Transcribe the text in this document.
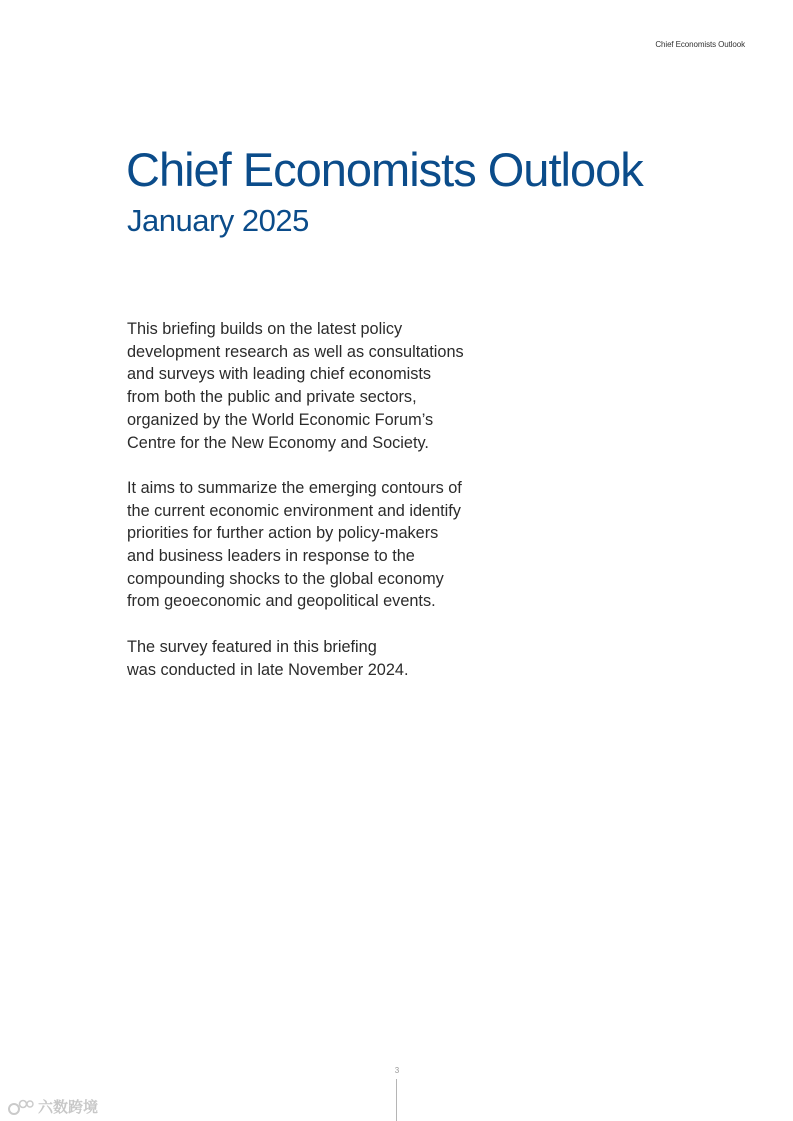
Chief Economists Outlook
Chief Economists Outlook
January 2025

This briefing builds on the latest policy
development research as well as consultations
and surveys with leading chief economists
from both the public and private sectors,
organized by the World Economic Forum’s
Centre for the New Economy and Society.

It aims to summarize the emerging contours of
the current economic environment and identify
priorities for further action by policy-makers
and business leaders in response to the
compounding shocks to the global economy
from geoeconomic and geopolitical events.

The survey featured in this briefing
was conducted in late November 2024.

3
六数跨境
